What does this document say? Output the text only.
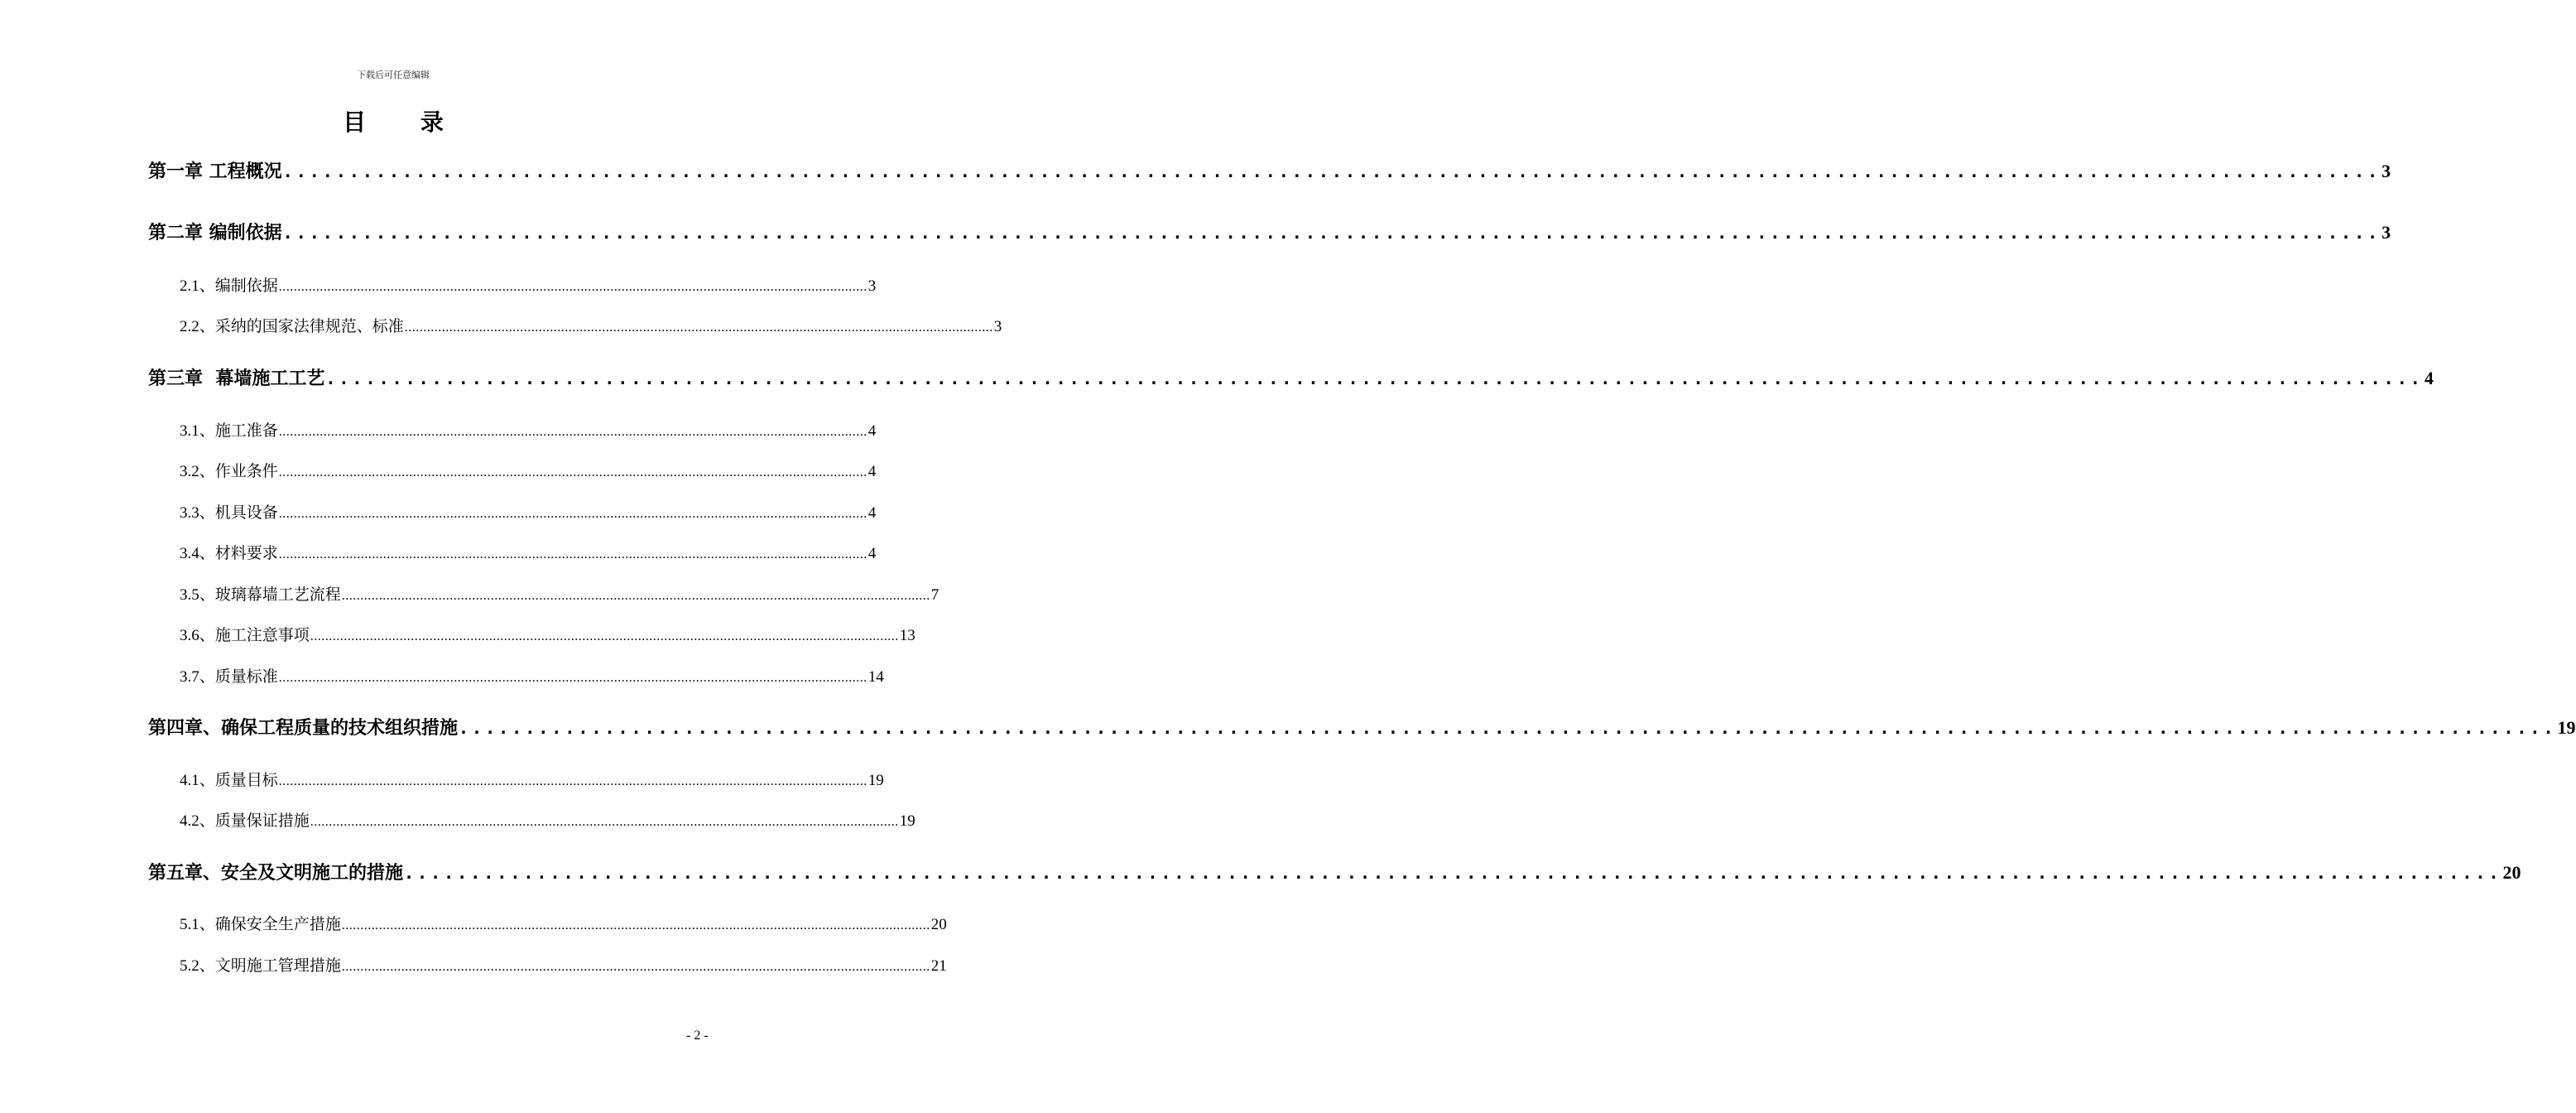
下载后可任意编辑
目 录
第一章 工程概况 .............................................................................................................................................................. 3
第二章 编制依据 .............................................................................................................................................................. 3
2.1、编制依据 .............................................................................................................................................................. 3
2.2、采纳的国家法律规范、标准 .............................................................................................................................................................. 3
第三章  幕墙施工工艺 .............................................................................................................................................................. 4
3.1、施工准备 .............................................................................................................................................................. 4
3.2、作业条件 .............................................................................................................................................................. 4
3.3、机具设备 .............................................................................................................................................................. 4
3.4、材料要求 .............................................................................................................................................................. 4
3.5、玻璃幕墙工艺流程 .............................................................................................................................................................. 7
3.6、施工注意事项 .............................................................................................................................................................. 13
3.7、质量标准 .............................................................................................................................................................. 14
第四章、确保工程质量的技术组织措施 .............................................................................................................................................................. 19
4.1、质量目标 .............................................................................................................................................................. 19
4.2、质量保证措施 .............................................................................................................................................................. 19
第五章、安全及文明施工的措施 .............................................................................................................................................................. 20
5.1、确保安全生产措施 .............................................................................................................................................................. 20
5.2、文明施工管理措施 .............................................................................................................................................................. 21
- 2 -
